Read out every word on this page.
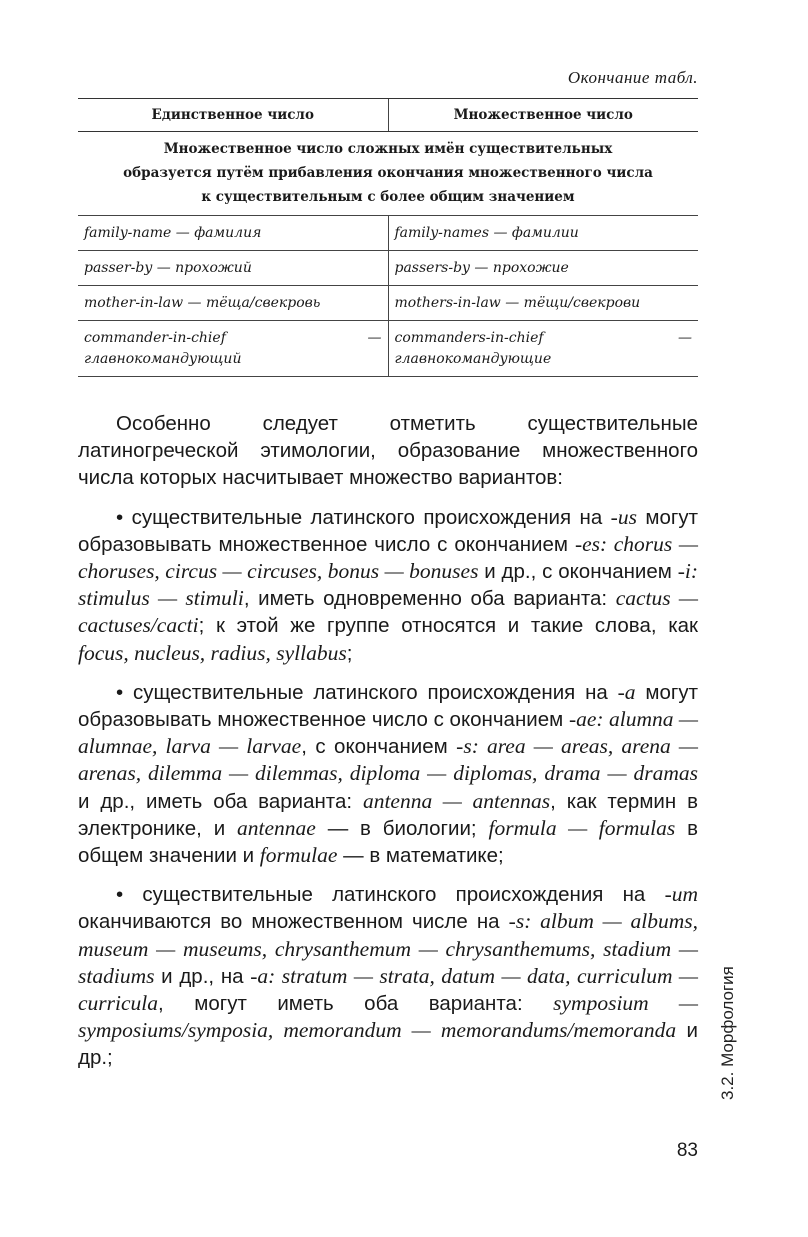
Окончание табл.
Единственное число	Множественное число
Множественное число сложных имён существительных образуется путём прибавления окончания множественного числа к существительным с более общим значением	
family-name — фамилия	family-names — фамилии
passer-by — прохожий	passers-by — прохожие
mother-in-law — тёща/свекровь	mothers-in-law — тёщи/свекрови
commander-in-chief — главнокомандующий	commanders-in-chief — главнокомандующие

Особенно следует отметить существительные латиногреческой этимологии, образование множественного числа которых насчитывает множество вариантов:

• существительные латинского происхождения на -us могут образовывать множественное число с окончанием -es: chorus — choruses, circus — circuses, bonus — bonuses и др., с окончанием -i: stimulus — stimuli, иметь одновременно оба варианта: cactus — cactuses/cacti; к этой же группе относятся и такие слова, как focus, nucleus, radius, syllabus;

• существительные латинского происхождения на -a могут образовывать множественное число с окончанием -ae: alumna — alumnae, larva — larvae, с окончанием -s: area — areas, arena — arenas, dilemma — dilemmas, diploma — diplomas, drama — dramas и др., иметь оба варианта: antenna — antennas, как термин в электронике, и antennae — в биологии; formula — formulas в общем значении и formulae — в математике;

• существительные латинского происхождения на -um оканчиваются во множественном числе на -s: album — albums, museum — museums, chrysanthemum — chrysanthemums, stadium — stadiums и др., на -a: stratum — strata, datum — data, curriculum — curricula, могут иметь оба варианта: symposium — symposiums/symposia, memorandum — memorandums/memoranda и др.;

83
3.2. Морфология
